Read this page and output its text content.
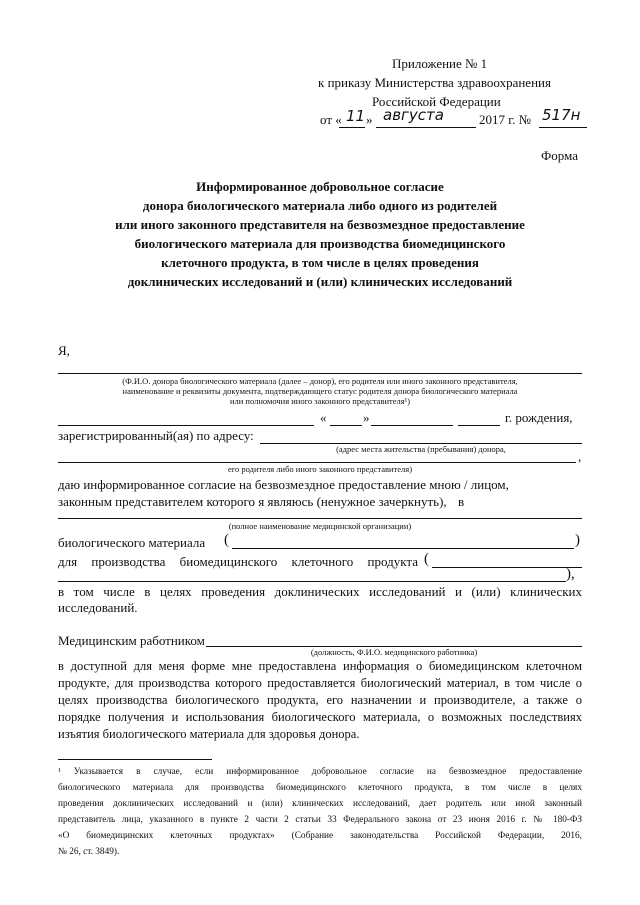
Приложение № 1
к приказу Министерства здравоохранения
Российской Федерации
от « 11 » августа	2017 г. № 517н
Форма
Информированное добровольное согласие
донора биологического материала либо одного из родителей
или иного законного представителя на безвозмездное предоставление
биологического материала для производства биомедицинского
клеточного продукта, в том числе в целях проведения
доклинических исследований и (или) клинических исследований
Я,
(Ф.И.О. донора биологического материала (далее – донор), его родителя или иного законного представителя,
наименование и реквизиты документа, подтверждающего статус родителя донора биологического материала
или полномочия иного законного представителя¹)
«	»	г. рождения,
зарегистрированный(ая) по адресу:
(адрес места жительства (пребывания) донора,	,
его родителя либо иного законного представителя)
даю информированное согласие на безвозмездное предоставление мною / лицом,
законным представителем которого я являюсь (ненужное зачеркнуть), в
(полное наименование медицинской организации)
биологического материала (	)
для производства биомедицинского клеточного продукта (
),
в том числе в целях проведения доклинических исследований и (или) клинических
исследований.
Медицинским работником
(должность, Ф.И.О. медицинского работника)
в доступной для меня форме мне предоставлена информация о биомедицинском клеточном
продукте, для производства которого предоставляется биологический материал, в том числе о
целях производства биологического продукта, его назначении и производителе, а также о
порядке получения и использования биологического материала, о возможных последствиях
изъятия биологического материала для здоровья донора.
¹ Указывается в случае, если информированное добровольное согласие на безвозмездное предоставление
биологического материала для производства биомедицинского клеточного продукта, в том числе в целях
проведения доклинических исследований и (или) клинических исследований, дает родитель или иной законный
представитель лица, указанного в пункте 2 части 2 статьи 33 Федерального закона от 23 июня 2016 г. № 180-ФЗ
«О биомедицинских клеточных продуктах» (Собрание законодательства Российской Федерации, 2016,
№ 26, ст. 3849).
